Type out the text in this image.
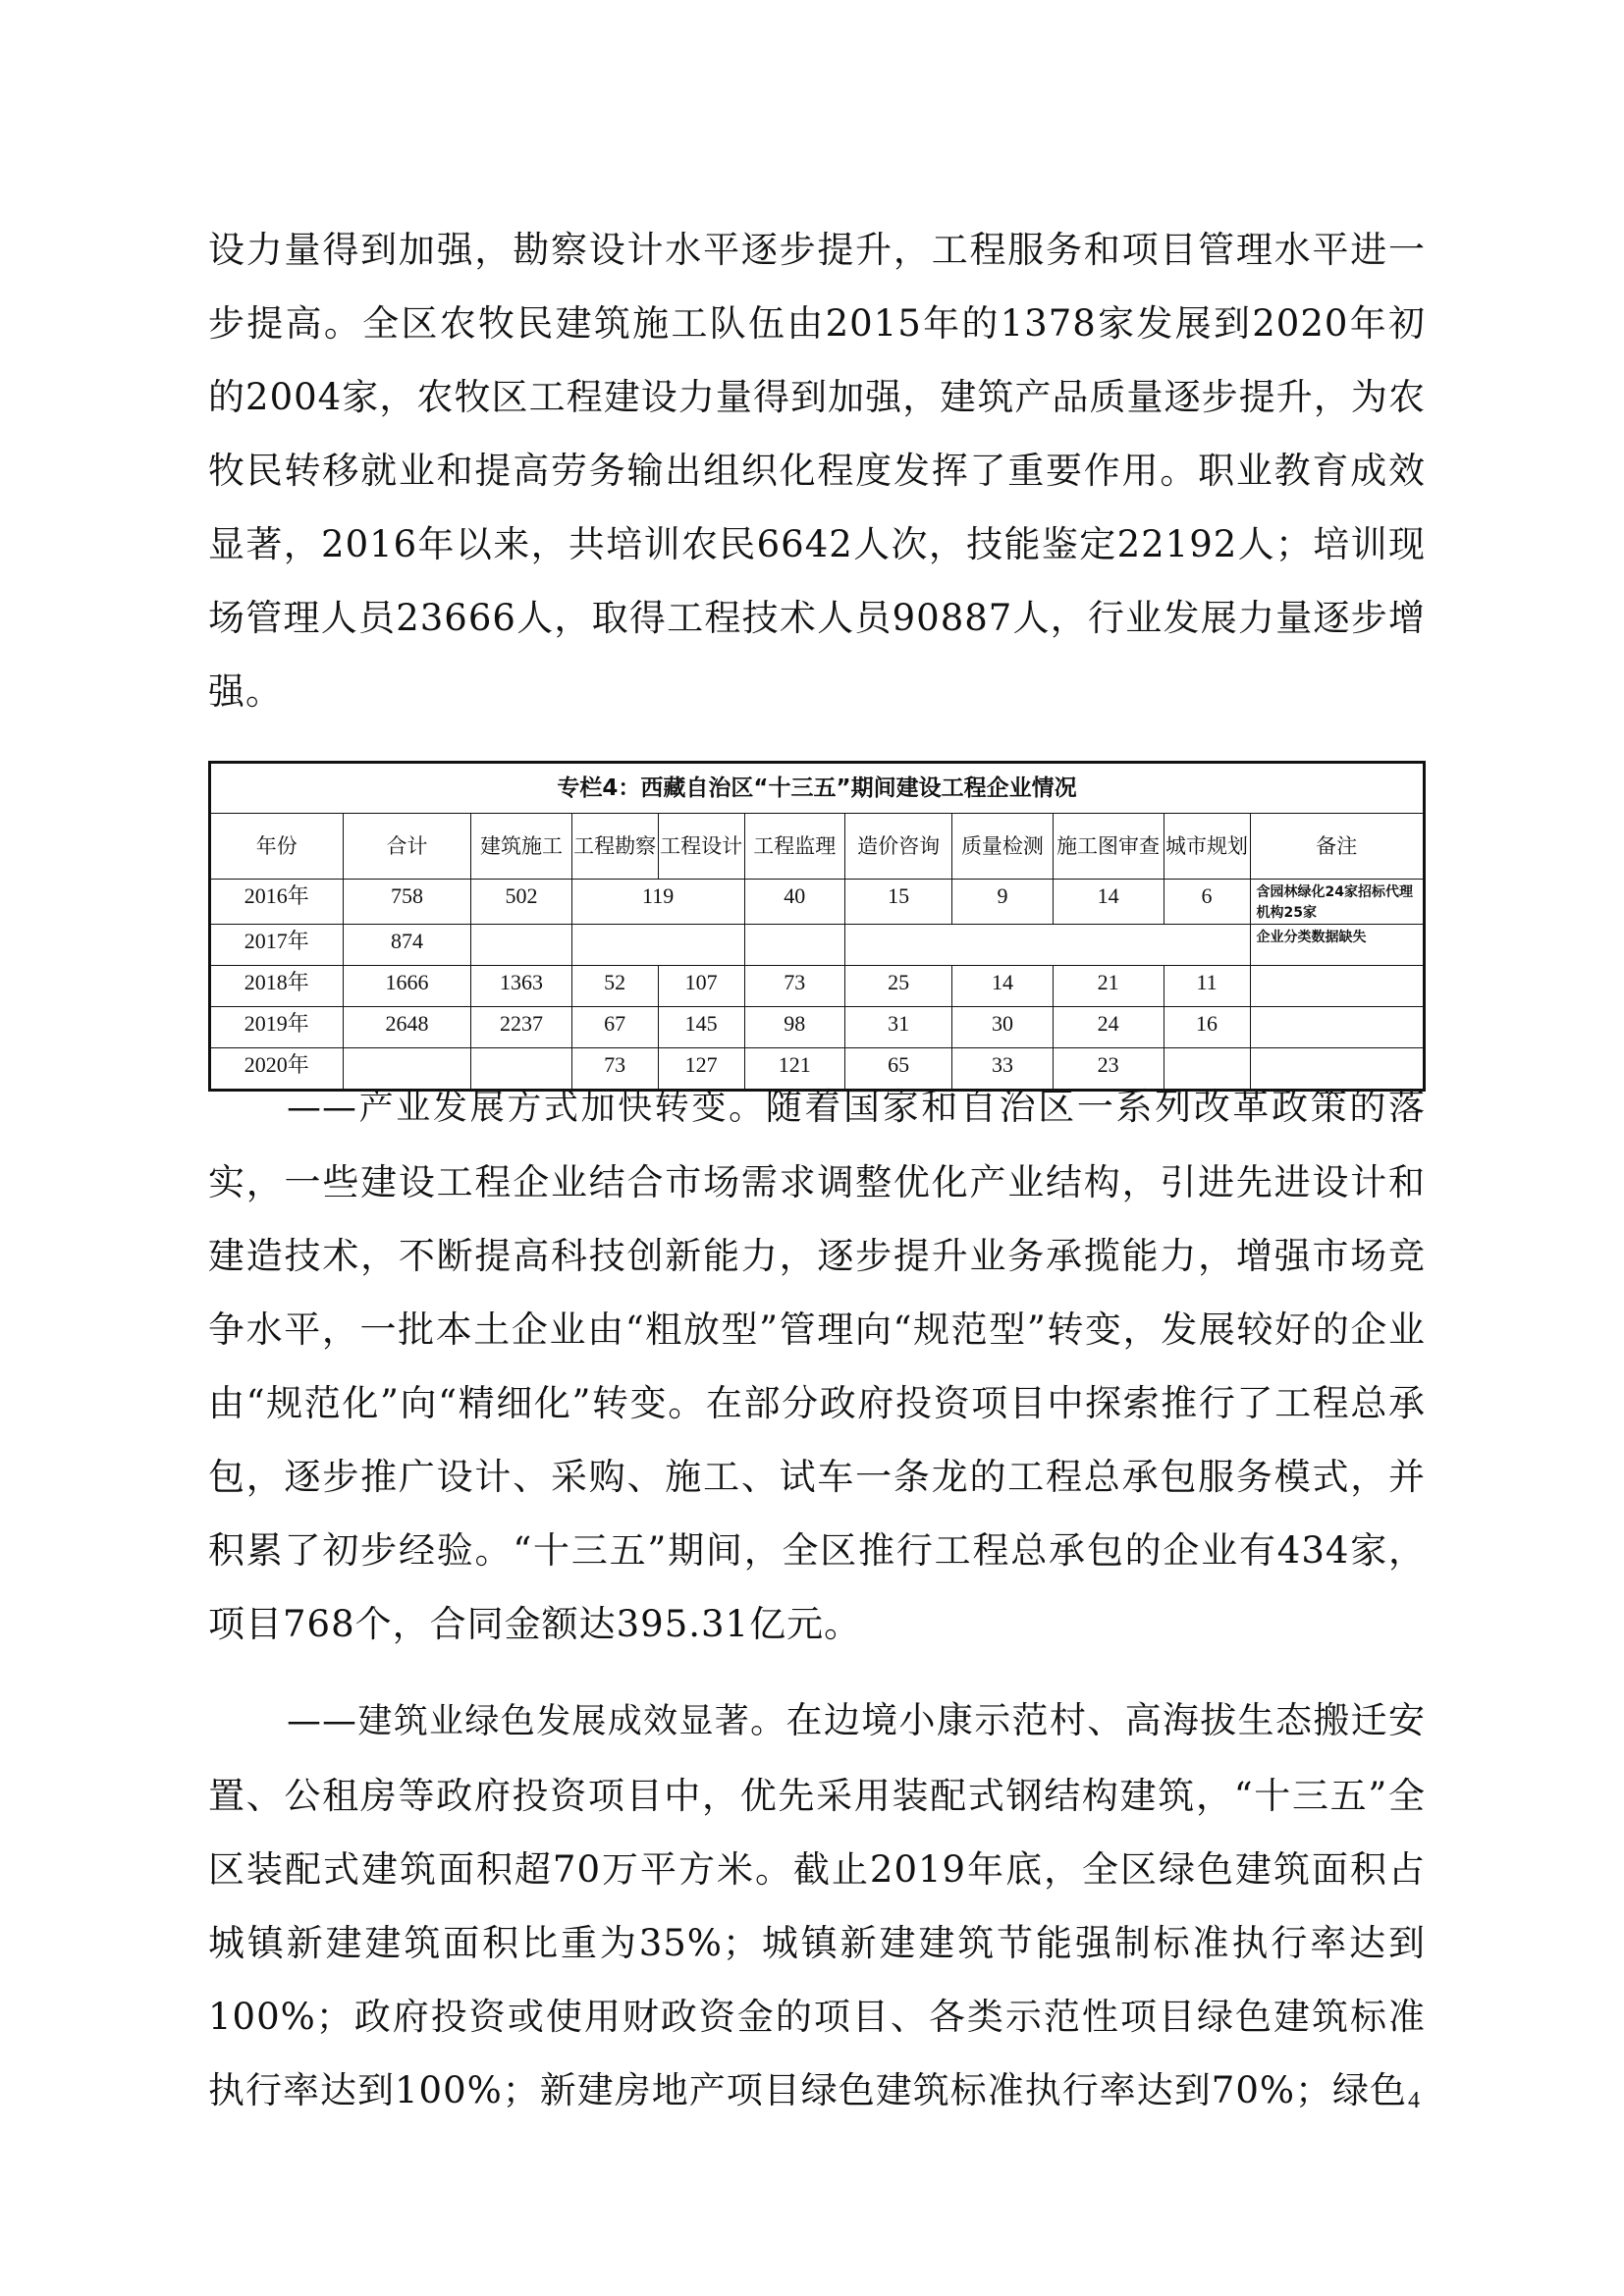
设力量得到加强，勘察设计水平逐步提升，工程服务和项目管理水平进一步提高。全区农牧民建筑施工队伍由2015年的1378家发展到2020年初的2004家，农牧区工程建设力量得到加强，建筑产品质量逐步提升，为农牧民转移就业和提高劳务输出组织化程度发挥了重要作用。职业教育成效显著，2016年以来，共培训农民6642人次，技能鉴定22192人；培训现场管理人员23666人，取得工程技术人员90887人，行业发展力量逐步增强。

专栏4：西藏自治区“十三五”期间建设工程企业情况										
年份	合计	建筑施工	工程勘察	工程设计	工程监理	造价咨询	质量检测	施工图审查	城市规划	备注
2016年	758	502	119		40	15	9	14	6	含园林绿化24家招标代理机构25家
2017年	874									企业分类数据缺失
2018年	1666	1363	52	107	73	25	14	21	11	
2019年	2648	2237	67	145	98	31	30	24	16	
2020年			73	127	121	65	33	23		

——产业发展方式加快转变。随着国家和自治区一系列改革政策的落实，一些建设工程企业结合市场需求调整优化产业结构，引进先进设计和建造技术，不断提高科技创新能力，逐步提升业务承揽能力，增强市场竞争水平，一批本土企业由“粗放型”管理向“规范型”转变，发展较好的企业由“规范化”向“精细化”转变。在部分政府投资项目中探索推行了工程总承包，逐步推广设计、采购、施工、试车一条龙的工程总承包服务模式，并积累了初步经验。“十三五”期间，全区推行工程总承包的企业有434家，项目768个，合同金额达395.31亿元。

——建筑业绿色发展成效显著。在边境小康示范村、高海拔生态搬迁安置、公租房等政府投资项目中，优先采用装配式钢结构建筑，“十三五”全区装配式建筑面积超70万平方米。截止2019年底，全区绿色建筑面积占城镇新建建筑面积比重为35%；城镇新建建筑节能强制标准执行率达到100%；政府投资或使用财政资金的项目、各类示范性项目绿色建筑标准执行率达到100%；新建房地产项目绿色建筑标准执行率达到70%；绿色 4
